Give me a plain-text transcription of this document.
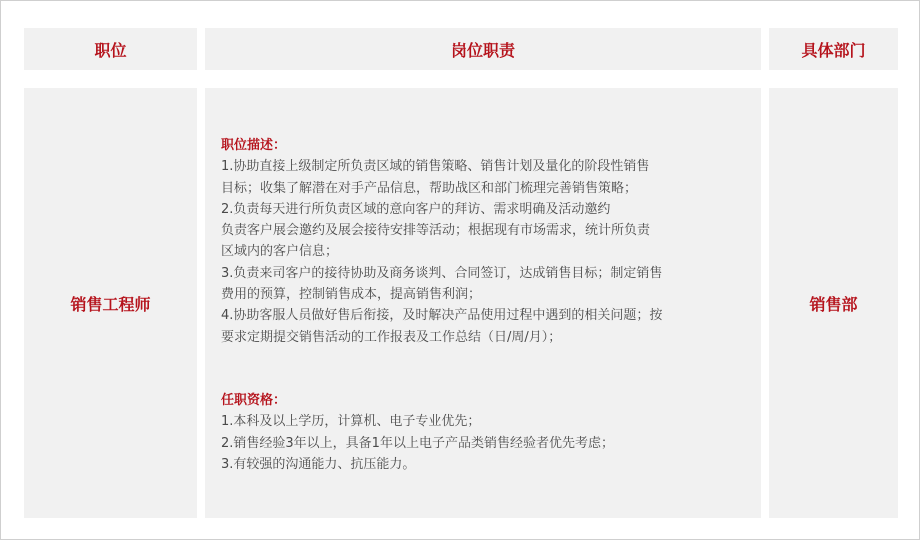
职位	岗位职责	具体部门
销售工程师
职位描述：
1.协助直接上级制定所负责区域的销售策略、销售计划及量化的阶段性销售
目标；收集了解潜在对手产品信息，帮助战区和部门梳理完善销售策略；
2.负责每天进行所负责区域的意向客户的拜访、需求明确及活动邀约
负责客户展会邀约及展会接待安排等活动；根据现有市场需求，统计所负责
区域内的客户信息；
3.负责来司客户的接待协助及商务谈判、合同签订，达成销售目标；制定销售
费用的预算，控制销售成本，提高销售利润；
4.协助客服人员做好售后衔接，及时解决产品使用过程中遇到的相关问题；按
要求定期提交销售活动的工作报表及工作总结（日/周/月）；
任职资格：
1.本科及以上学历，计算机、电子专业优先；
2.销售经验3年以上，具备1年以上电子产品类销售经验者优先考虑；
3.有较强的沟通能力、抗压能力。
销售部
